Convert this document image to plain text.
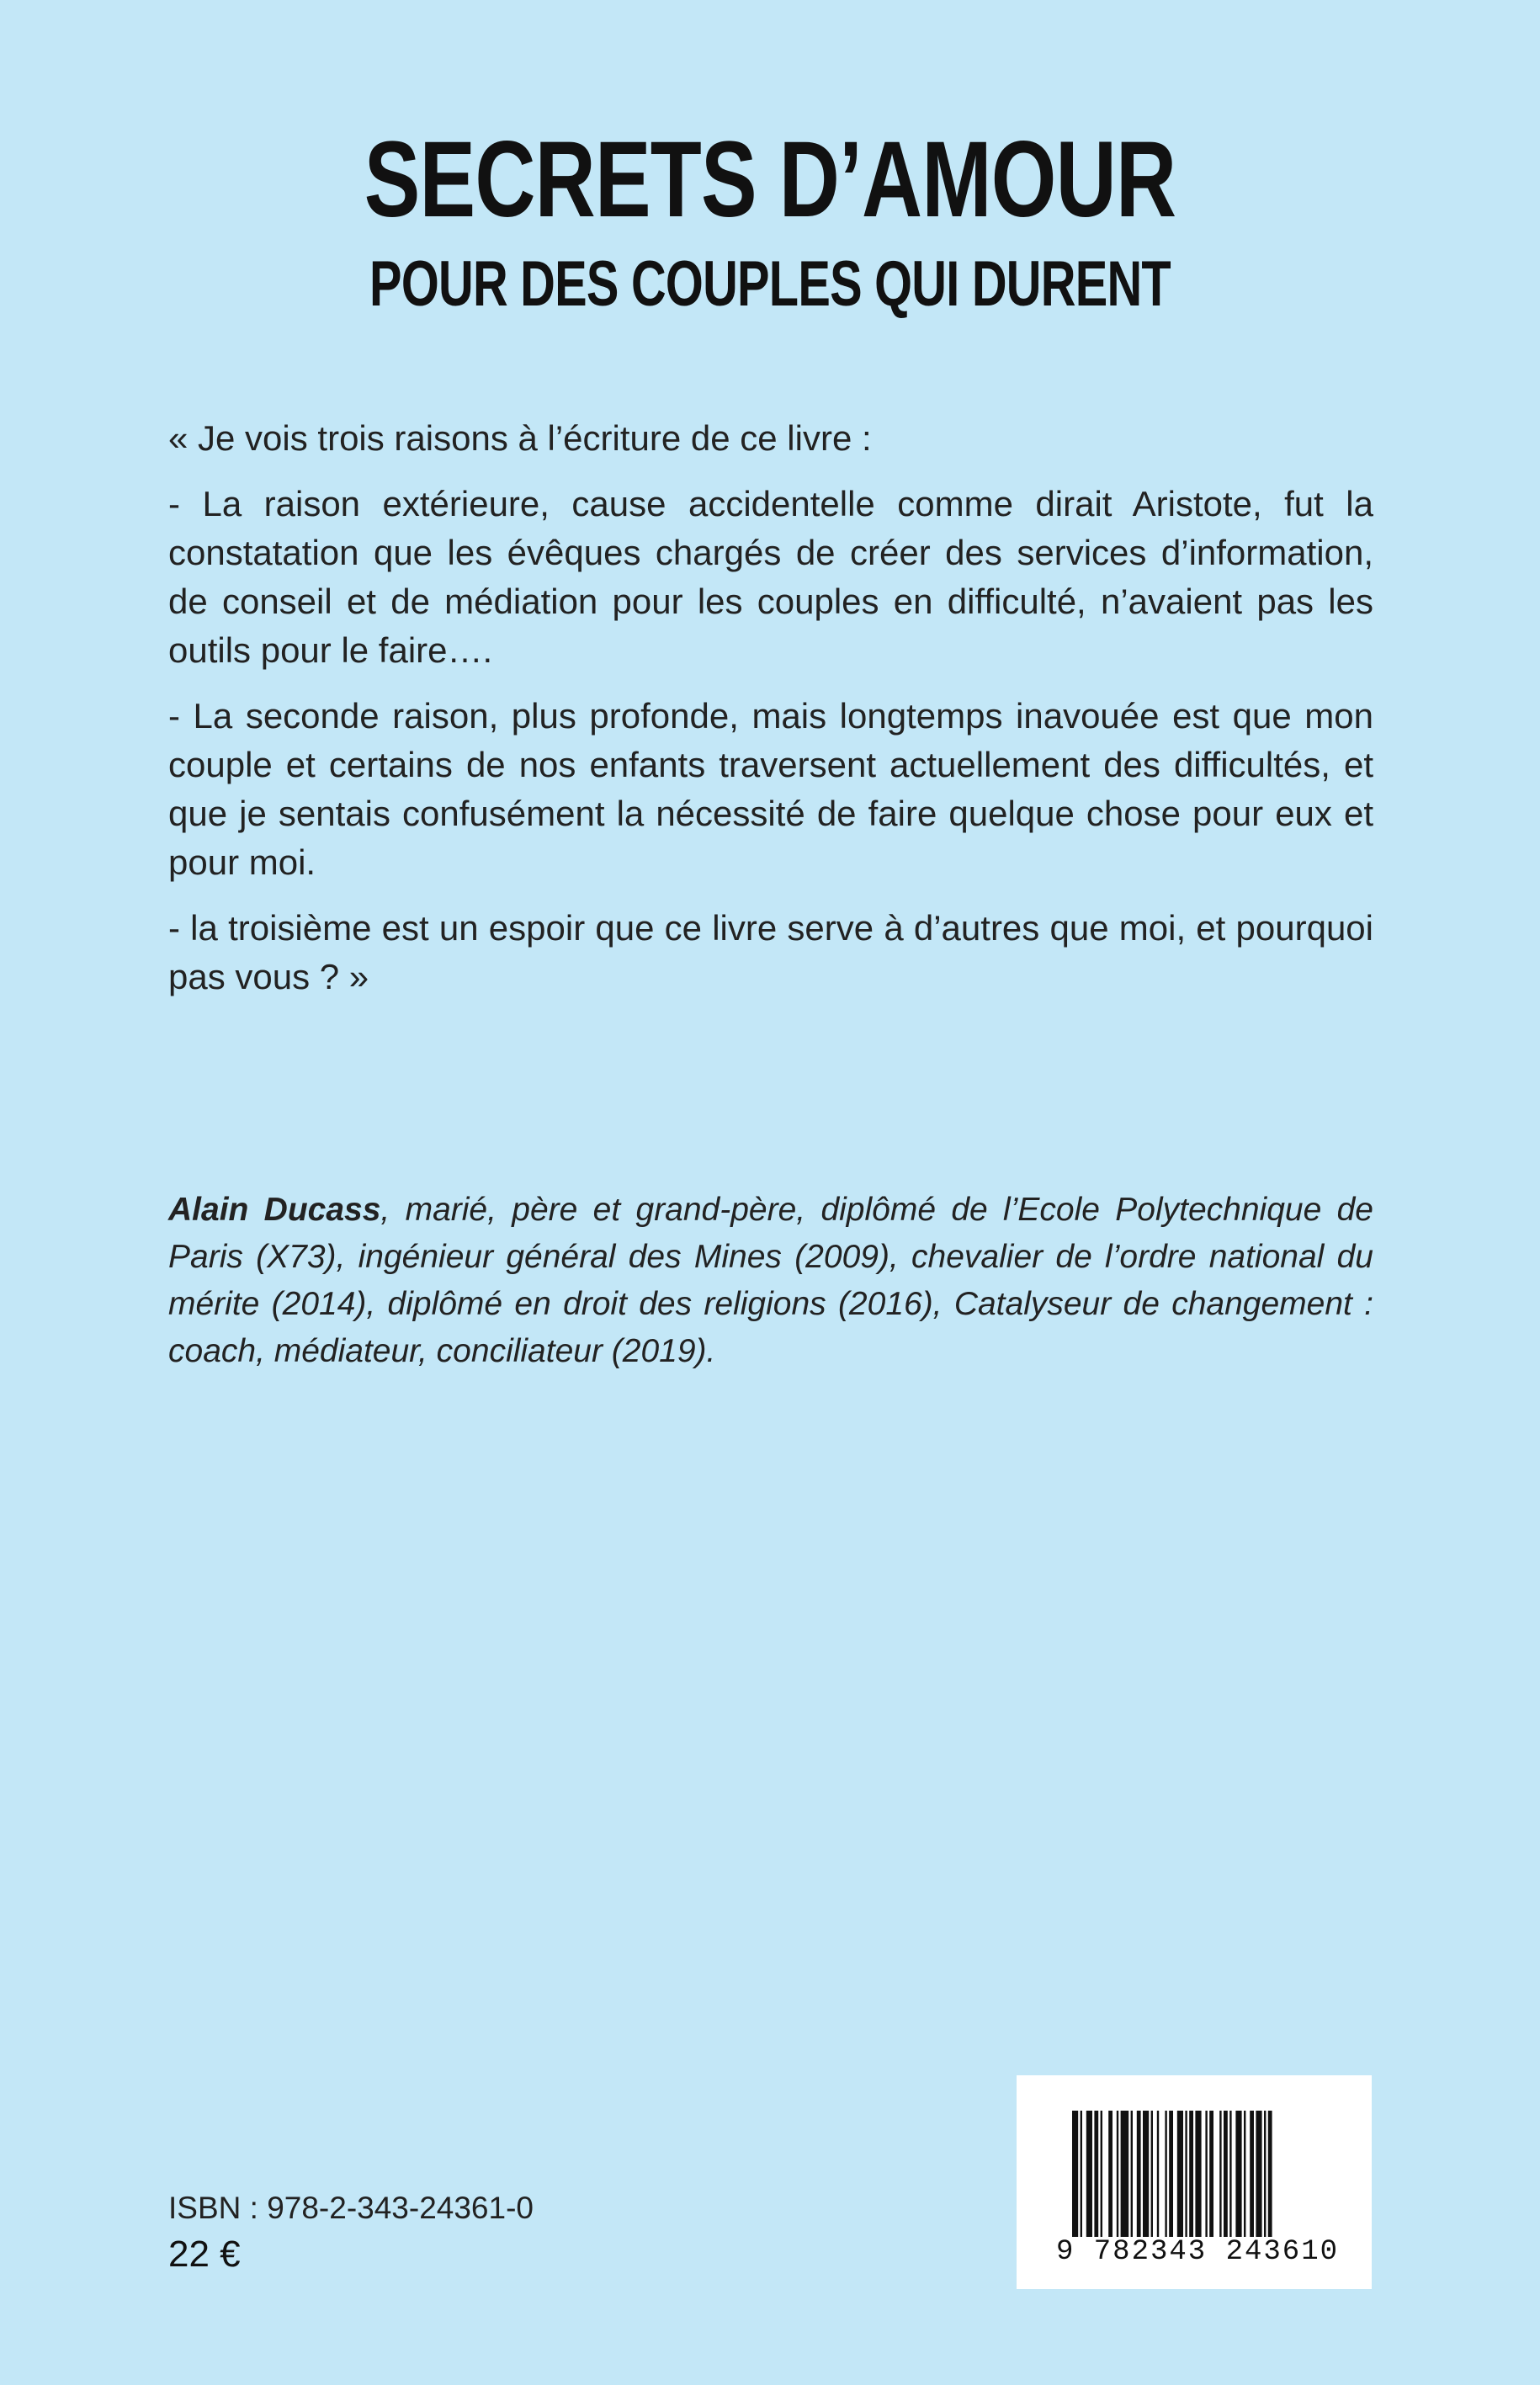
SECRETS D’AMOUR
POUR DES COUPLES QUI DURENT

« Je vois trois raisons à l’écriture de ce livre :

- La raison extérieure, cause accidentelle comme dirait Aristote, fut la constatation que les évêques chargés de créer des services d’information, de conseil et de médiation pour les couples en difficulté, n’avaient pas les outils pour le faire….

- La seconde raison, plus profonde, mais longtemps inavouée est que mon couple et certains de nos enfants traversent actuellement des difficultés, et que je sentais confusément la nécessité de faire quelque chose pour eux et pour moi.

- la troisième est un espoir que ce livre serve à d’autres que moi, et pourquoi pas vous ? »

Alain Ducass, marié, père et grand-père, diplômé de l’Ecole Polytechnique de Paris (X73), ingénieur général des Mines (2009), chevalier de l’ordre national du mérite (2014), diplômé en droit des religions (2016), Catalyseur de changement : coach, médiateur, conciliateur (2019).
ISBN : 978-2-343-24361-0
22 €	9 782343 243610
